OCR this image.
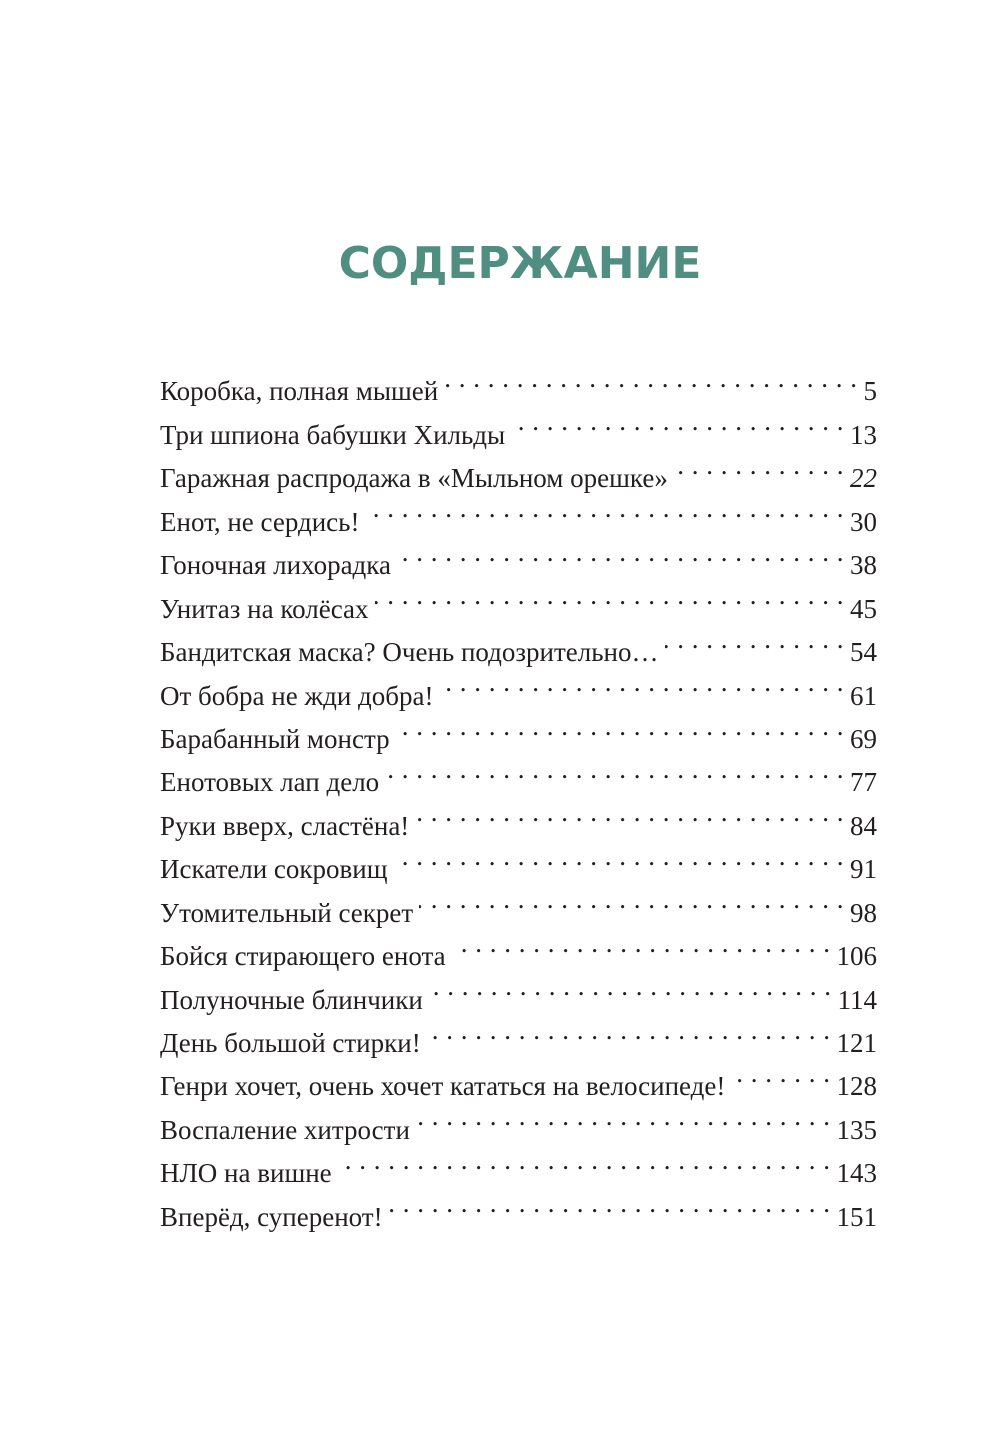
СОДЕРЖАНИЕ
Коробка, полная мышей . . .	5
Три шпиона бабушки Хильды . . .	13
Гаражная распродажа в «Мыльном орешке» . . .	22
Енот, не сердись! . . .	30
Гоночная лихорадка . . .	38
Унитаз на колёсах . . .	45
Бандитская маска? Очень подозрительно… . . .	54
От бобра не жди добра! . . .	61
Барабанный монстр . . .	69
Енотовых лап дело . . .	77
Руки вверх, сластёна! . . .	84
Искатели сокровищ . . .	91
Утомительный секрет . . .	98
Бойся стирающего енота . . .	106
Полуночные блинчики . . .	114
День большой стирки! . . .	121
Генри хочет, очень хочет кататься на велосипеде! . . .	128
Воспаление хитрости . . .	135
НЛО на вишне . . .	143
Вперёд, суперенот! . . .	151
